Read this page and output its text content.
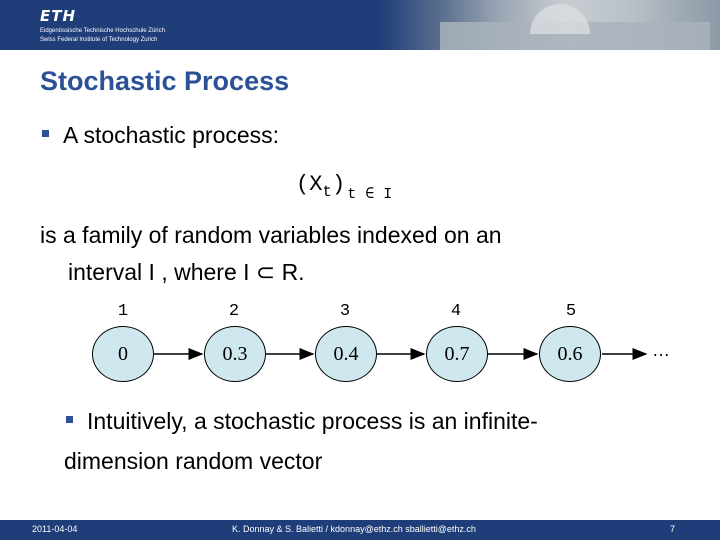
ETH
Eidgenössische Technische Hochschule Zürich
Swiss Federal Institute of Technology Zurich
Stochastic Process
A stochastic process:
$(X_t)$ $_{t \in I}$
is a family of random variables indexed on an
interval I , where I ⊂ R.
1	2	3	4	5
0	0.3	0.4	0.7	0.6	…
Intuitively, a stochastic process is an infinite-
dimension random vector
2011-04-04	K. Donnay & S. Balietti / kdonnay@ethz.ch sballietti@ethz.ch	7
